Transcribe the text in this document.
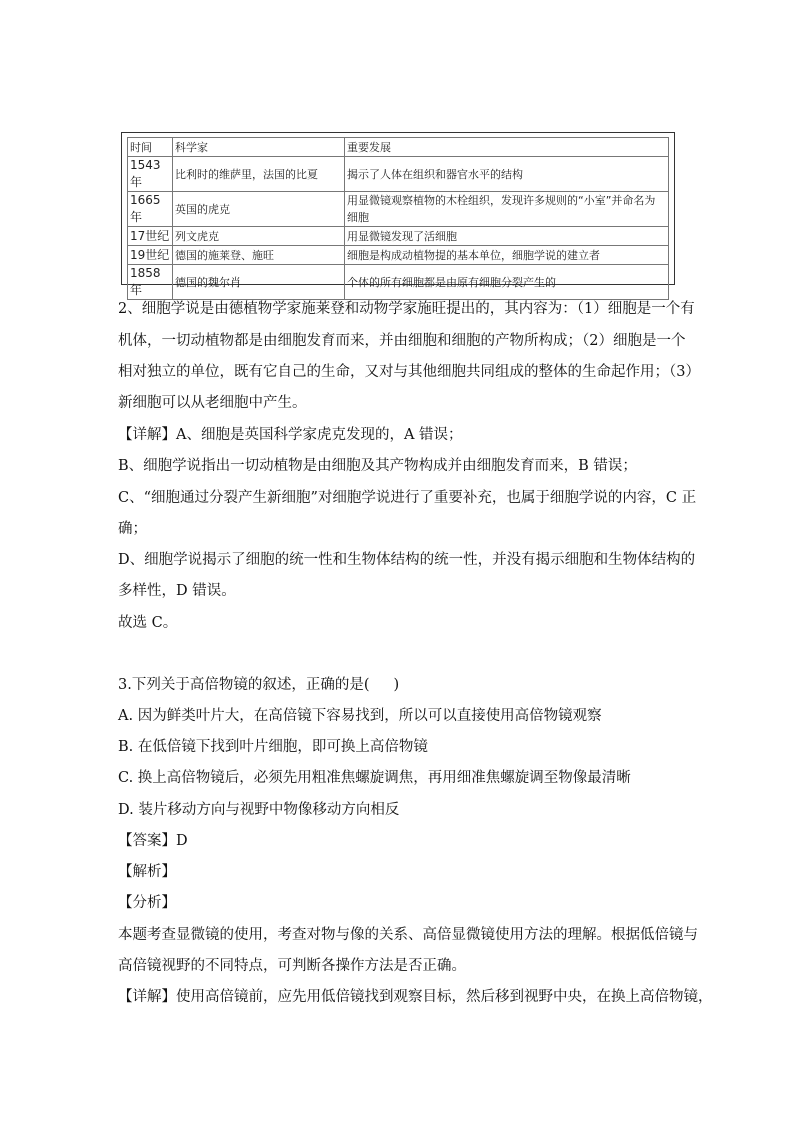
时间	科学家	重要发展
1543年	比利时的维萨里，法国的比夏	揭示了人体在组织和器官水平的结构
1665年	英国的虎克	用显微镜观察植物的木栓组织，发现许多规则的“小室”并命名为细胞
17世纪	列文虎克	用显微镜发现了活细胞
19世纪	德国的施莱登、施旺	细胞是构成动植物提的基本单位，细胞学说的建立者
1858年	德国的魏尔肖	个体的所有细胞都是由原有细胞分裂产生的
2、细胞学说是由德植物学家施莱登和动物学家施旺提出的，其内容为：（1）细胞是一个有
机体，一切动植物都是由细胞发育而来，并由细胞和细胞的产物所构成；（2）细胞是一个
相对独立的单位，既有它自己的生命，又对与其他细胞共同组成的整体的生命起作用；（3）
新细胞可以从老细胞中产生。
【详解】A、细胞是英国科学家虎克发现的，A 错误；
B、细胞学说指出一切动植物是由细胞及其产物构成并由细胞发育而来，B 错误；
C、“细胞通过分裂产生新细胞”对细胞学说进行了重要补充，也属于细胞学说的内容，C 正
确；
D、细胞学说揭示了细胞的统一性和生物体结构的统一性，并没有揭示细胞和生物体结构的
多样性，D 错误。
故选 C。
3.下列关于高倍物镜的叙述，正确的是( )
A. 因为鲜类叶片大，在高倍镜下容易找到，所以可以直接使用高倍物镜观察
B. 在低倍镜下找到叶片细胞，即可换上高倍物镜
C. 换上高倍物镜后，必须先用粗准焦螺旋调焦，再用细准焦螺旋调至物像最清晰
D. 装片移动方向与视野中物像移动方向相反
【答案】D
【解析】
【分析】
本题考查显微镜的使用，考查对物与像的关系、高倍显微镜使用方法的理解。根据低倍镜与
高倍镜视野的不同特点，可判断各操作方法是否正确。
【详解】使用高倍镜前，应先用低倍镜找到观察目标，然后移到视野中央，在换上高倍物镜，
